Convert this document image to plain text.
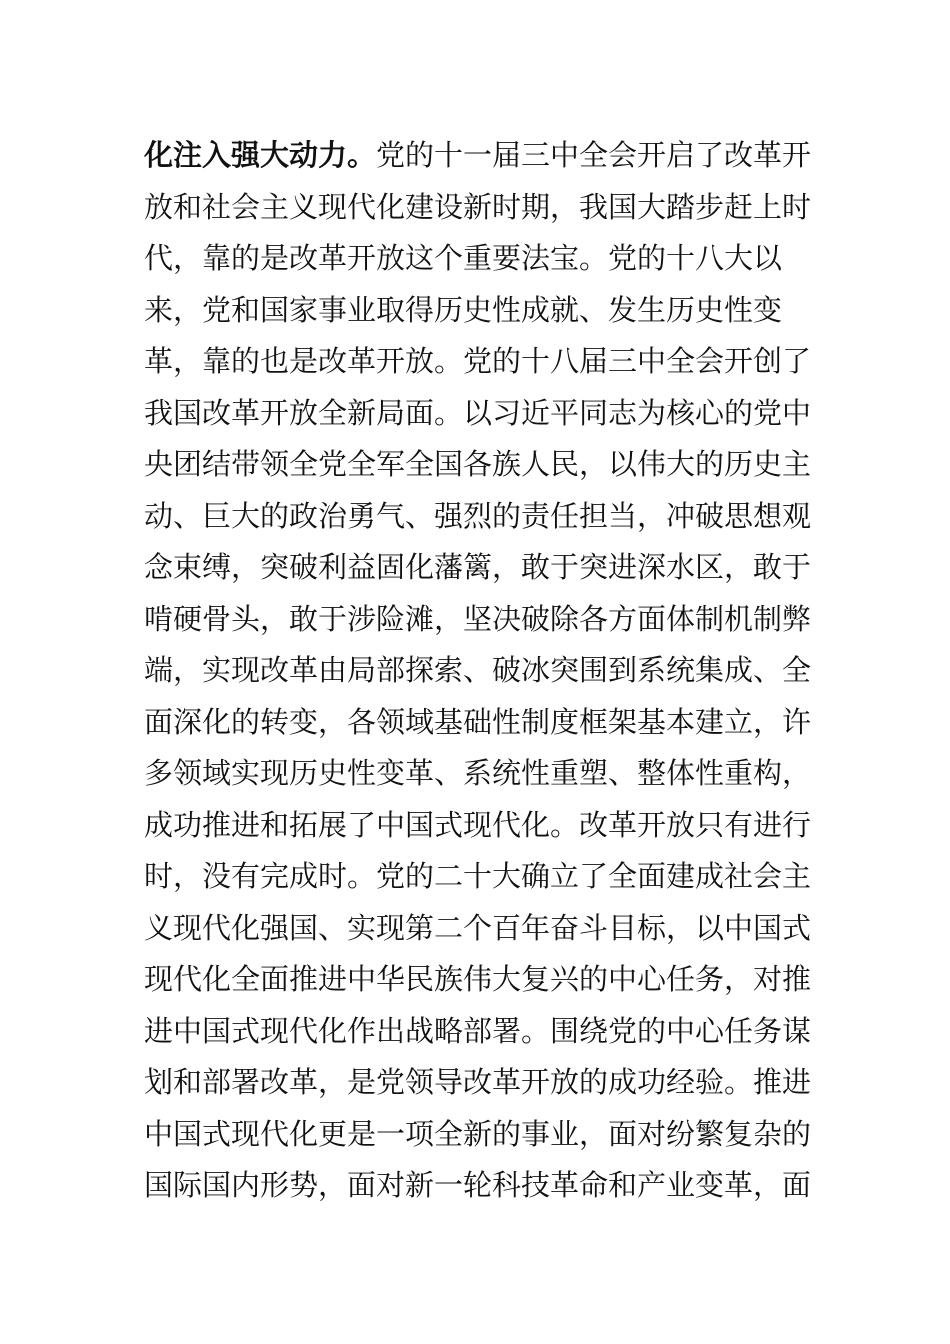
化注入强大动力。党的十一届三中全会开启了改革开
放和社会主义现代化建设新时期，我国大踏步赶上时
代，靠的是改革开放这个重要法宝。党的十八大以
来，党和国家事业取得历史性成就、发生历史性变
革，靠的也是改革开放。党的十八届三中全会开创了
我国改革开放全新局面。以习近平同志为核心的党中
央团结带领全党全军全国各族人民，以伟大的历史主
动、巨大的政治勇气、强烈的责任担当，冲破思想观
念束缚，突破利益固化藩篱，敢于突进深水区，敢于
啃硬骨头，敢于涉险滩，坚决破除各方面体制机制弊
端，实现改革由局部探索、破冰突围到系统集成、全
面深化的转变，各领域基础性制度框架基本建立，许
多领域实现历史性变革、系统性重塑、整体性重构，
成功推进和拓展了中国式现代化。改革开放只有进行
时，没有完成时。党的二十大确立了全面建成社会主
义现代化强国、实现第二个百年奋斗目标，以中国式
现代化全面推进中华民族伟大复兴的中心任务，对推
进中国式现代化作出战略部署。围绕党的中心任务谋
划和部署改革，是党领导改革开放的成功经验。推进
中国式现代化更是一项全新的事业，面对纷繁复杂的
国际国内形势，面对新一轮科技革命和产业变革，面
